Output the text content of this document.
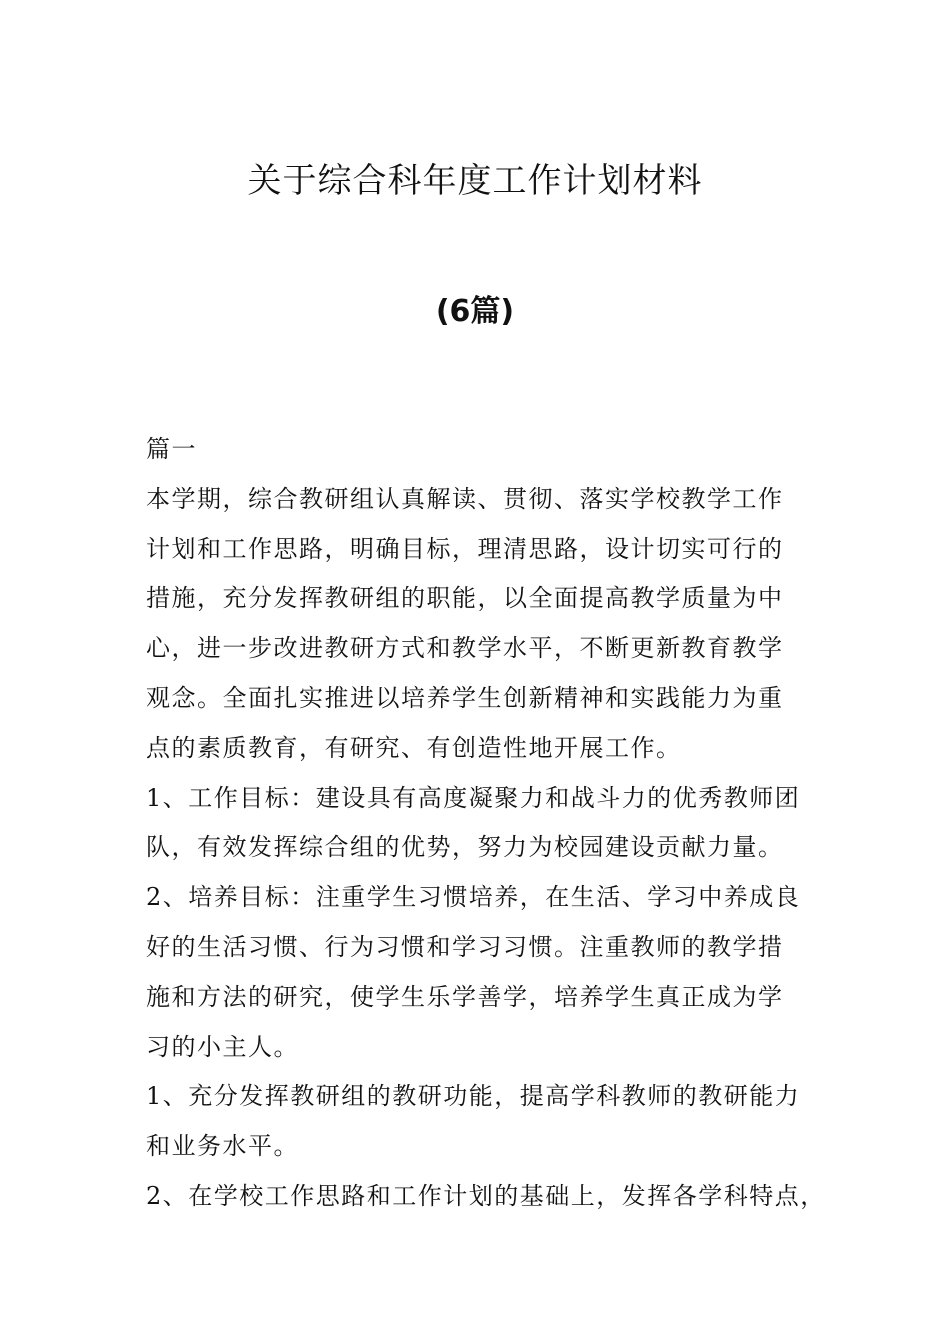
关于综合科年度工作计划材料
(6篇)
篇一
本学期，综合教研组认真解读、贯彻、落实学校教学工作
计划和工作思路，明确目标，理清思路，设计切实可行的
措施，充分发挥教研组的职能，以全面提高教学质量为中
心，进一步改进教研方式和教学水平，不断更新教育教学
观念。全面扎实推进以培养学生创新精神和实践能力为重
点的素质教育，有研究、有创造性地开展工作。
1、工作目标：建设具有高度凝聚力和战斗力的优秀教师团
队，有效发挥综合组的优势，努力为校园建设贡献力量。
2、培养目标：注重学生习惯培养，在生活、学习中养成良
好的生活习惯、行为习惯和学习习惯。注重教师的教学措
施和方法的研究，使学生乐学善学，培养学生真正成为学
习的小主人。
1、充分发挥教研组的教研功能，提高学科教师的教研能力
和业务水平。
2、在学校工作思路和工作计划的基础上，发挥各学科特点，
